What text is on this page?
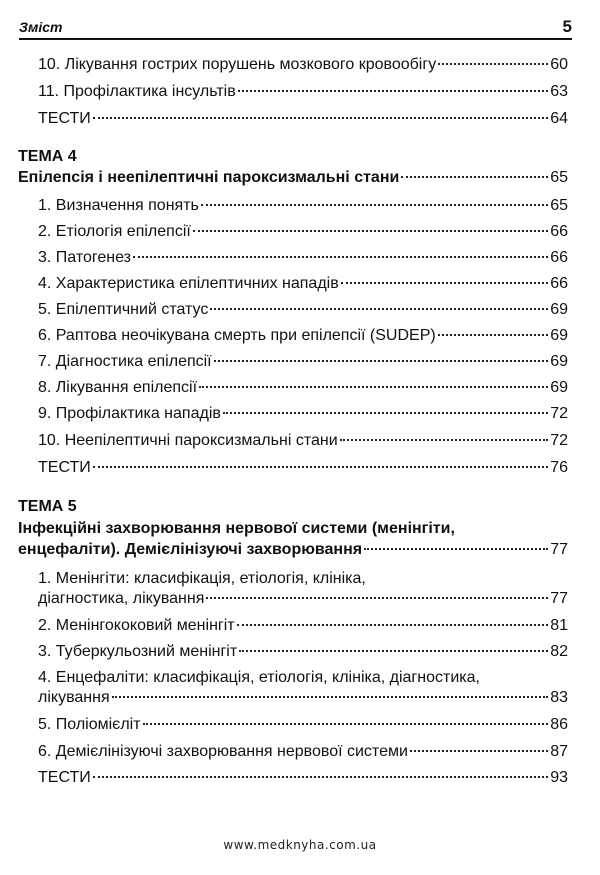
Зміст	5
10. Лікування гострих порушень мозкового кровообігу	60
11. Профілактика інсультів	63
ТЕСТИ	64
ТЕМА 4
Епілепсія і неепілептичні пароксизмальні стани	65
1. Визначення понять	65
2. Етіологія епілепсії	66
3. Патогенез	66
4. Характеристика епілептичних нападів	66
5. Епілептичний статус	69
6. Раптова неочікувана смерть при епілепсії (SUDEP)	69
7. Діагностика епілепсії	69
8. Лікування епілепсії	69
9. Профілактика нападів	72
10. Неепілептичні пароксизмальні стани	72
ТЕСТИ	76
ТЕМА 5
Інфекційні захворювання нервової системи (менінгіти,
енцефаліти). Демієлінізуючі захворювання	77
1. Менінгіти: класифікація, етіологія, клініка,
діагностика, лікування	77
2. Менінгококовий менінгіт	81
3. Туберкульозний менінгіт	82
4. Енцефаліти: класифікація, етіологія, клініка, діагностика,
лікування	83
5. Поліомієліт	86
6. Демієлінізуючі захворювання нервової системи	87
ТЕСТИ	93
www.medknyha.com.ua
